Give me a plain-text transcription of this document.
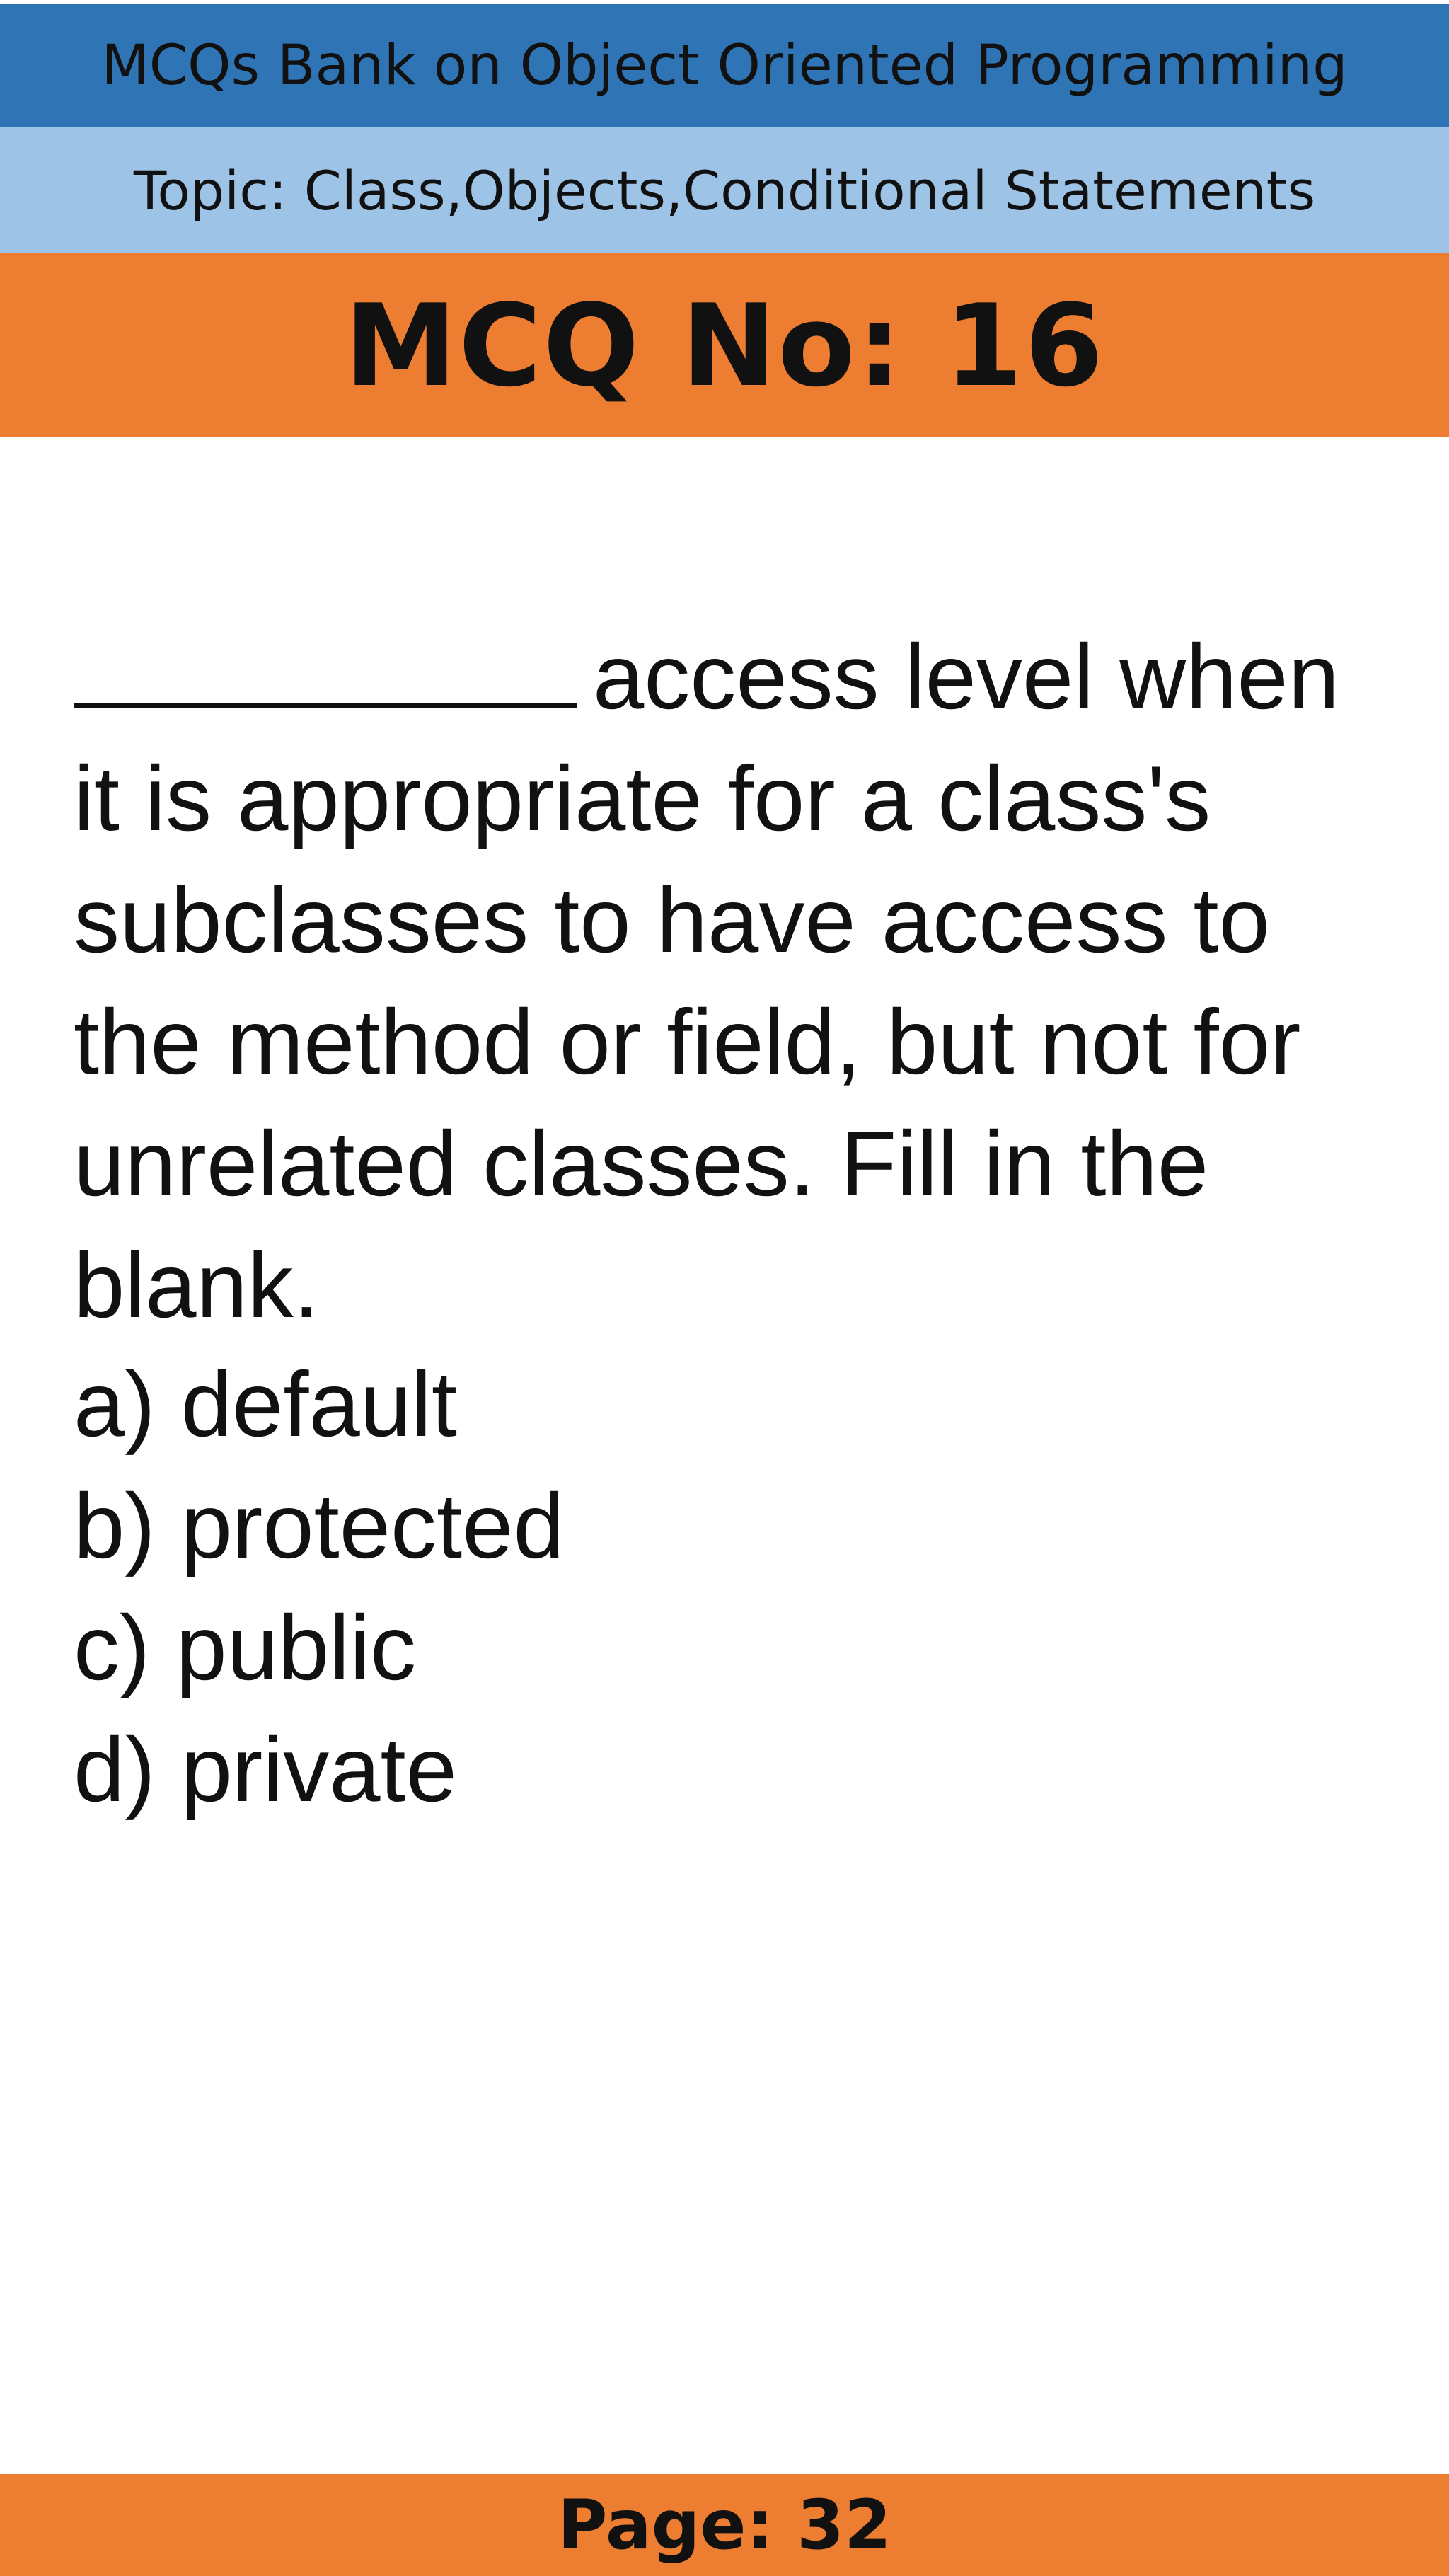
MCQs Bank on Object Oriented Programming
Topic: Class,Objects,Conditional Statements
MCQ No: 16

access level when it is appropriate for a class's subclasses to have access to the method or field, but not for unrelated classes. Fill in the blank.

a) default
b) protected
c) public
d) private
Page: 32
